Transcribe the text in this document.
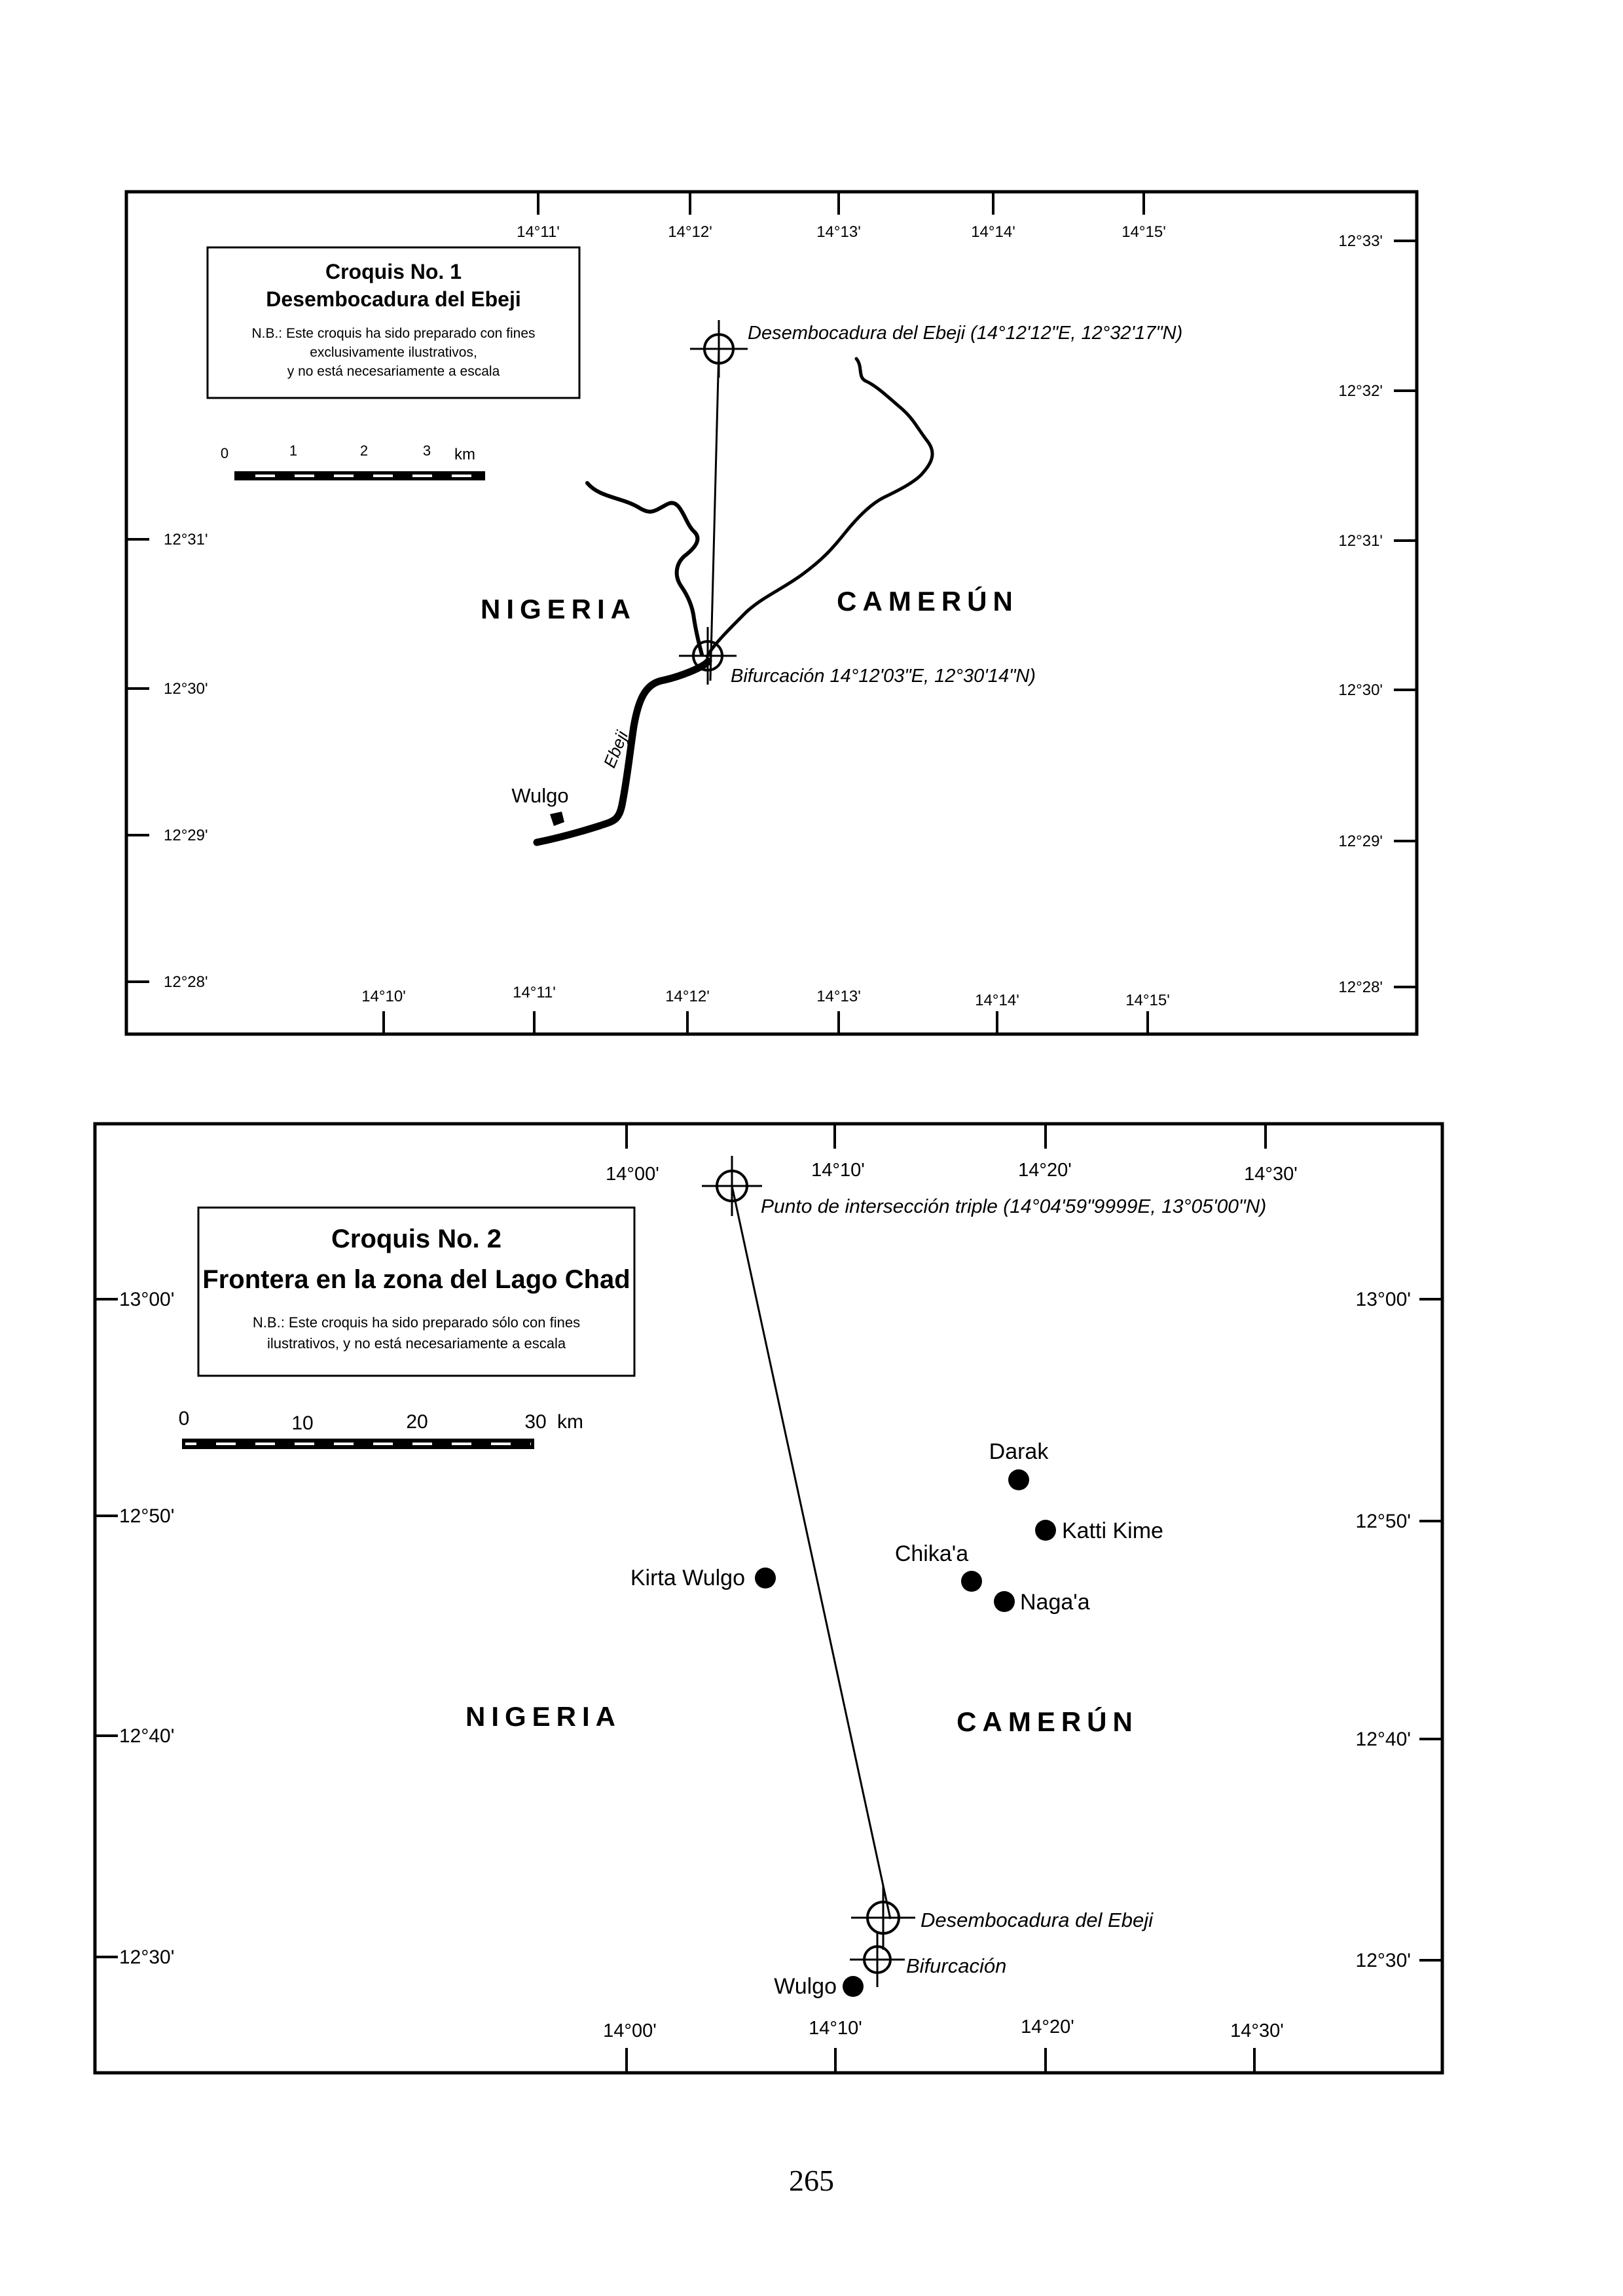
14°11'	14°12'	14°13'	14°14'	14°15'
14°10'	14°11'	14°12'	14°13'	14°14'	14°15'
12°31'
12°30'
12°29'
12°28'
12°33'
12°32'
12°31'
12°30'
12°29'
12°28'
Croquis No. 1
Desembocadura del Ebeji
N.B.: Este croquis ha sido preparado con fines
exclusivamente ilustrativos,
y no está necesariamente a escala
0	1	2	3 km
Desembocadura del Ebeji (14°12'12"E, 12°32'17"N)
Bifurcación 14°12'03"E, 12°30'14"N)
NIGERIA	CAMERÚN
Ebeji
Wulgo
14°00'	14°10'	14°20'	14°30'
14°00'	14°10'	14°20'	14°30'
13°00'
12°50'
12°40'
12°30'
13°00'
12°50'
12°40'
12°30'
Croquis No. 2
Frontera en la zona del Lago Chad
N.B.: Este croquis ha sido preparado sólo con fines
ilustrativos, y no está necesariamente a escala
0	10	20	30 km
Punto de intersección triple (14°04'59"9999E, 13°05'00"N)
Darak
Katti Kime
Chika'a
Naga'a
Kirta Wulgo
Wulgo
NIGERIA	CAMERÚN
Desembocadura del Ebeji
Bifurcación
265
